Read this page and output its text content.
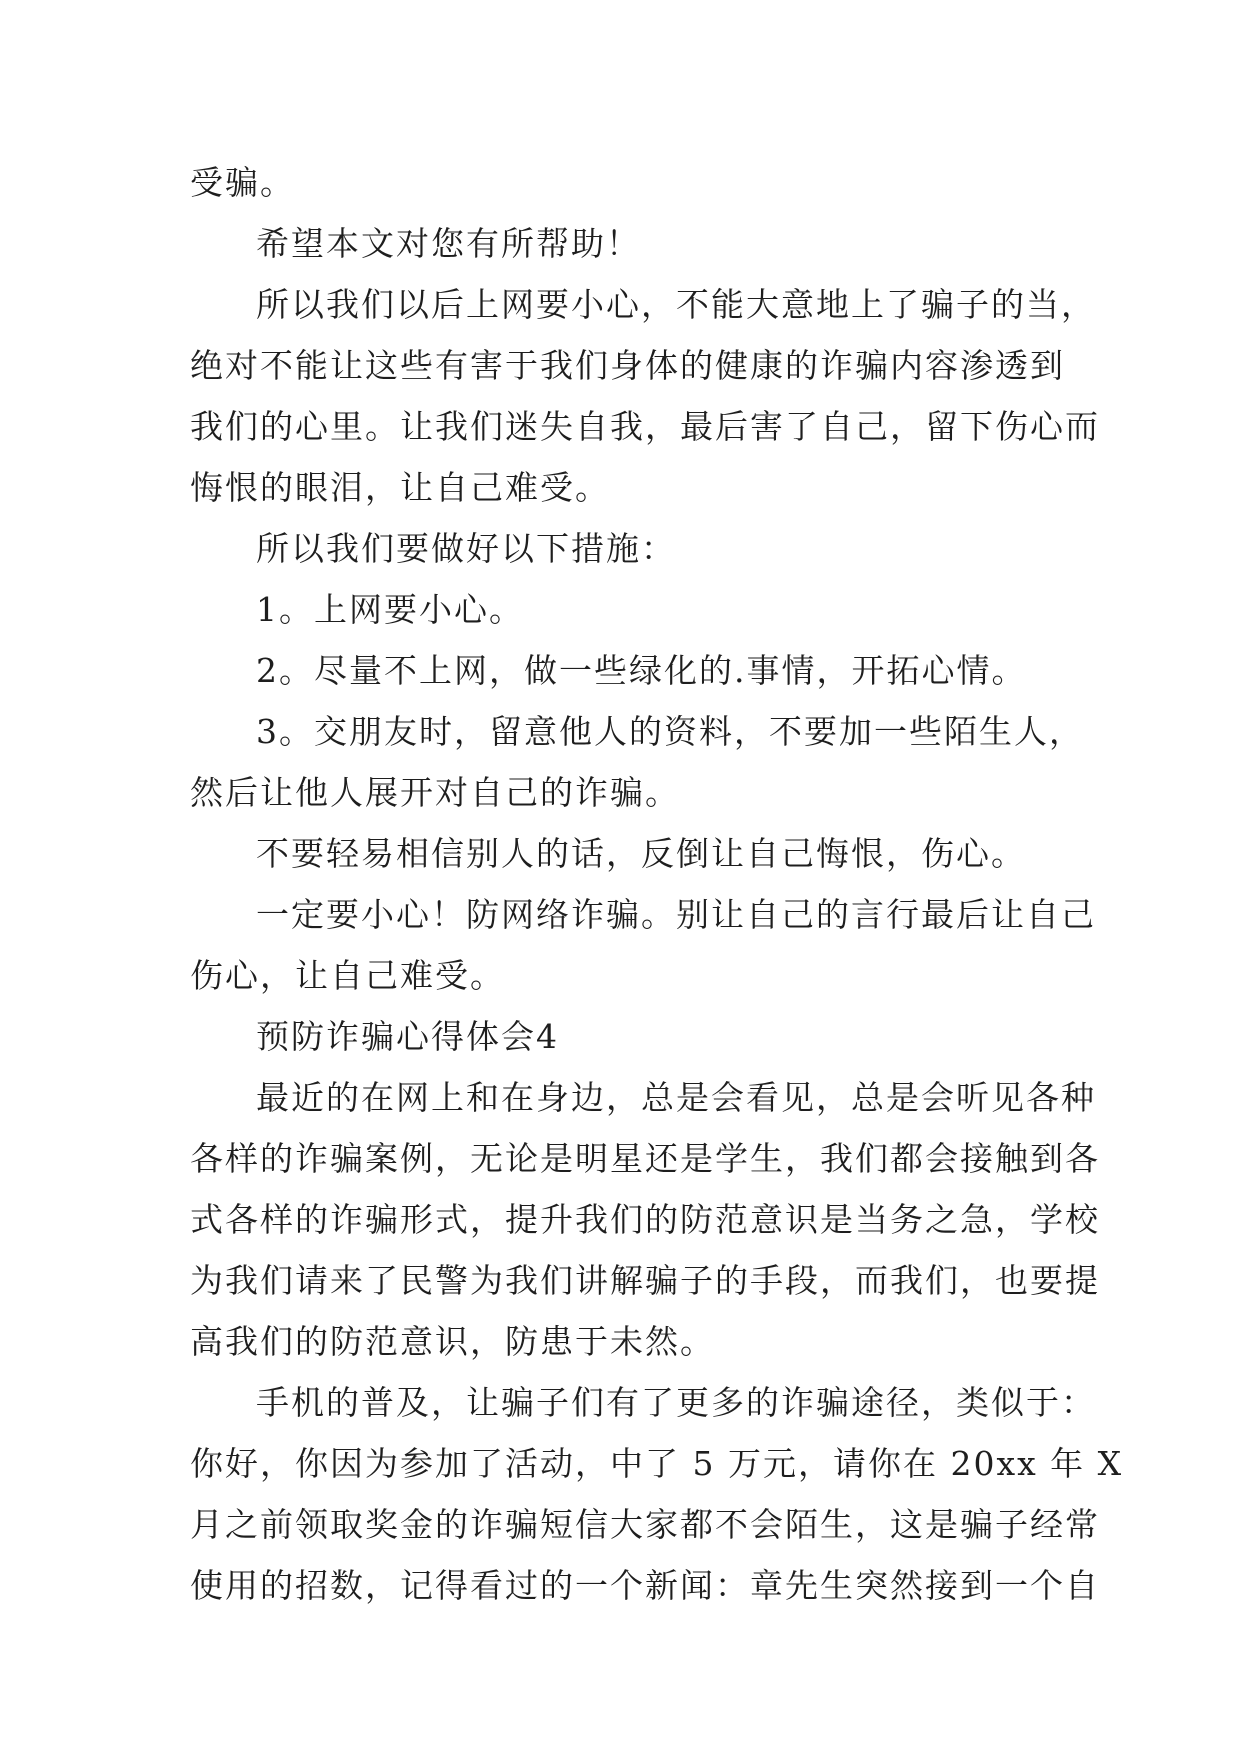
受骗。
希望本文对您有所帮助！
所以我们以后上网要小心，不能大意地上了骗子的当，
绝对不能让这些有害于我们身体的健康的诈骗内容渗透到
我们的心里。让我们迷失自我，最后害了自己，留下伤心而
悔恨的眼泪，让自己难受。
所以我们要做好以下措施：
1。上网要小心。
2。尽量不上网，做一些绿化的.事情，开拓心情。
3。交朋友时，留意他人的资料，不要加一些陌生人，
然后让他人展开对自己的诈骗。
不要轻易相信别人的话，反倒让自己悔恨，伤心。
一定要小心！防网络诈骗。别让自己的言行最后让自己
伤心，让自己难受。
预防诈骗心得体会4
最近的在网上和在身边，总是会看见，总是会听见各种
各样的诈骗案例，无论是明星还是学生，我们都会接触到各
式各样的诈骗形式，提升我们的防范意识是当务之急，学校
为我们请来了民警为我们讲解骗子的手段，而我们，也要提
高我们的防范意识，防患于未然。
手机的普及，让骗子们有了更多的诈骗途径，类似于：
你好，你因为参加了活动，中了 5 万元，请你在 20xx 年 X
月之前领取奖金的诈骗短信大家都不会陌生，这是骗子经常
使用的招数，记得看过的一个新闻：章先生突然接到一个自
